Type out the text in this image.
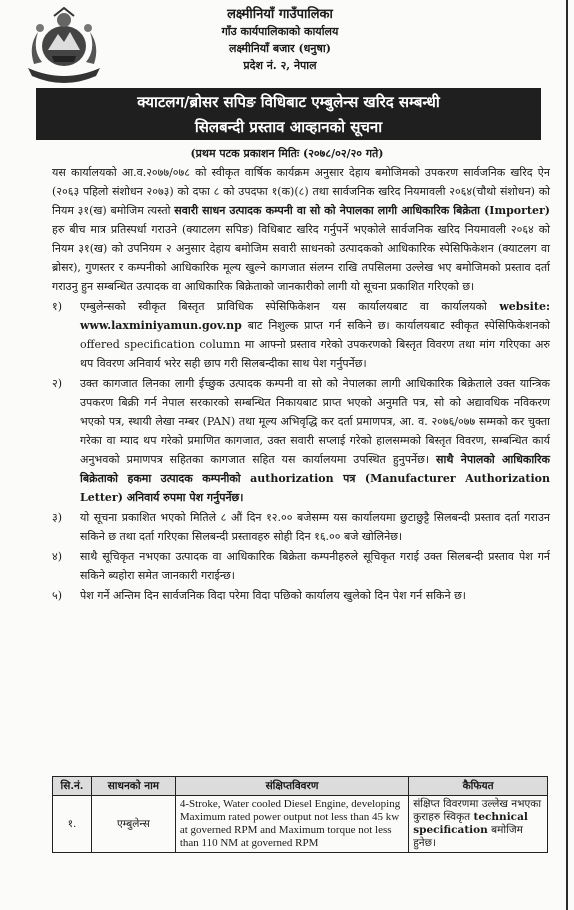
लक्ष्मीनियाँ गाउँपालिका
गाँउ कार्यपालिकाको कार्यालय
लक्ष्मीनियाँ बजार (धनुषा)
प्रदेश नं. २, नेपाल
क्याटलग/ब्रोसर सपिङ विधिबाट एम्बुलेन्स खरिद सम्बन्धी
सिलबन्दी प्रस्ताव आव्हानको सूचना
(प्रथम पटक प्रकाशन मितिः (२०७८/०२/२० गते)

यस कार्यालयको आ.व.२०७७/०७८ को स्वीकृत वार्षिक कार्यक्रम अनुसार देहाय बमोजिमको उपकरण सार्वजनिक खरिद ऐन (२०६३ पहिलो संशोधन २०७३) को दफा ८ को उपदफा १(क)(८) तथा सार्वजनिक खरिद नियमावली २०६४(चौथो संशोधन) को नियम ३१(ख) बमोजिम त्यस्तो सवारी साधन उत्पादक कम्पनी वा सो को नेपालका लागी आधिकारिक बिक्रेता (Importer) हरु बीच मात्र प्रतिस्पर्धा गराउने (क्याटलग सपिङ) विधिबाट खरिद गर्नुपर्ने भएकोले सार्वजनिक खरिद नियमावली २०६४ को नियम ३१(ख) को उपनियम २ अनुसार देहाय बमोजिम सवारी साधनको उत्पादकको आधिकारिक स्पेसिफिकेशन (क्याटलग वा ब्रोसर), गुणस्तर र कम्पनीको आधिकारिक मूल्य खुल्ने कागजात संलग्न राखि तपसिलमा उल्लेख भए बमोजिमको प्रस्ताव दर्ता गराउनु हुन सम्बन्धित उत्पादक वा आधिकारिक बिक्रेताको जानकारीको लागी यो सूचना प्रकाशित गरिएको छ।

१) एम्बुलेन्सको स्वीकृत बिस्तृत प्राविधिक स्पेसिफिकेशन यस कार्यालयबाट वा कार्यालयको website: www.laxminiyamun.gov.np बाट निशुल्क प्राप्त गर्न सकिने छ। कार्यालयबाट स्वीकृत स्पेसिफिकेशनको offered specification column मा आफ्नो प्रस्ताव गरेको उपकरणको बिस्तृत विवरण तथा मांग गरिएका अरु थप विवरण अनिवार्य भरेर सही छाप गरी सिलबन्दीका साथ पेश गर्नुपर्नेछ।
२) उक्त कागजात लिनका लागी ईच्छुक उत्पादक कम्पनी वा सो को नेपालका लागी आधिकारिक बिक्रेताले उक्त यान्त्रिक उपकरण बिक्री गर्न नेपाल सरकारको सम्बन्धित निकायबाट प्राप्त भएको अनुमति पत्र, सो को अद्यावधिक नविकरण भएको पत्र, स्थायी लेखा नम्बर (PAN) तथा मूल्य अभिवृद्धि कर दर्ता प्रमाणपत्र, आ. व. २०७६/०७७ सम्मको कर चुक्ता गरेका वा म्याद थप गरेको प्रमाणित कागजात, उक्त सवारी सप्लाई गरेको हालसम्मको बिस्तृत विवरण, सम्बन्धित कार्य अनुभवको प्रमाणपत्र सहितका कागजात सहित यस कार्यालयमा उपस्थित हुनुपर्नेछ। साथै नेपालको आधिकारिक बिक्रेताको हकमा उत्पादक कम्पनीको authorization पत्र (Manufacturer Authorization Letter) अनिवार्य रुपमा पेश गर्नुपर्नेछ।
३) यो सूचना प्रकाशित भएको मितिले ८ औं दिन १२.०० बजेसम्म यस कार्यालयमा छुटाछुट्टै सिलबन्दी प्रस्ताव दर्ता गराउन सकिने छ तथा दर्ता गरिएका सिलबन्दी प्रस्तावहरु सोही दिन १६.०० बजे खोलिनेछ।
४) साथै सूचिकृत नभएका उत्पादक वा आधिकारिक बिक्रेता कम्पनीहरुले सूचिकृत गराई उक्त सिलबन्दी प्रस्ताव पेश गर्न सकिने ब्यहोरा समेत जानकारी गराईन्छ।
५) पेश गर्ने अन्तिम दिन सार्वजनिक विदा परेमा विदा पछिको कार्यालय खुलेको दिन पेश गर्न सकिने छ।
सि.नं.	साधनको नाम	संक्षिप्तविवरण	कैफियत
१.	एम्बुलेन्स	4-Stroke, Water cooled Diesel Engine, developing Maximum rated power output not less than 45 kw at governed RPM and Maximum torque not less than 110 NM at governed RPM	संक्षिप्त विवरणमा उल्लेख नभएका कुराहरु स्विकृत technical specification बमोजिम हुनेछ।
